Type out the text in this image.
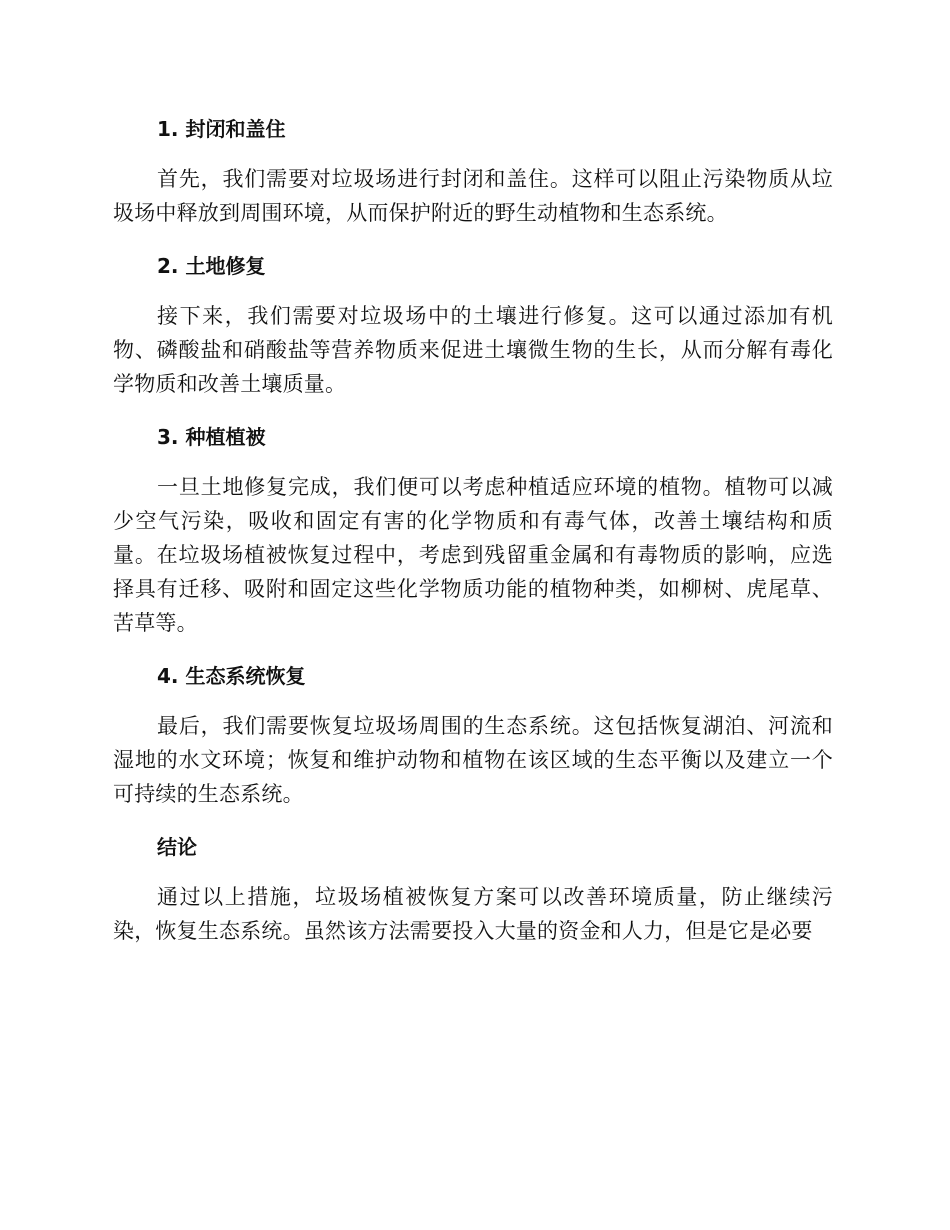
1. 封闭和盖住

首先，我们需要对垃圾场进行封闭和盖住。这样可以阻止污染物质从垃圾场中释放到周围环境，从而保护附近的野生动植物和生态系统。

2. 土地修复

接下来，我们需要对垃圾场中的土壤进行修复。这可以通过添加有机物、磷酸盐和硝酸盐等营养物质来促进土壤微生物的生长，从而分解有毒化学物质和改善土壤质量。

3. 种植植被

一旦土地修复完成，我们便可以考虑种植适应环境的植物。植物可以减少空气污染，吸收和固定有害的化学物质和有毒气体，改善土壤结构和质量。在垃圾场植被恢复过程中，考虑到残留重金属和有毒物质的影响，应选择具有迁移、吸附和固定这些化学物质功能的植物种类，如柳树、虎尾草、苦草等。

4. 生态系统恢复

最后，我们需要恢复垃圾场周围的生态系统。这包括恢复湖泊、河流和湿地的水文环境；恢复和维护动物和植物在该区域的生态平衡以及建立一个可持续的生态系统。

结论

通过以上措施，垃圾场植被恢复方案可以改善环境质量，防止继续污染，恢复生态系统。虽然该方法需要投入大量的资金和人力，但是它是必要
